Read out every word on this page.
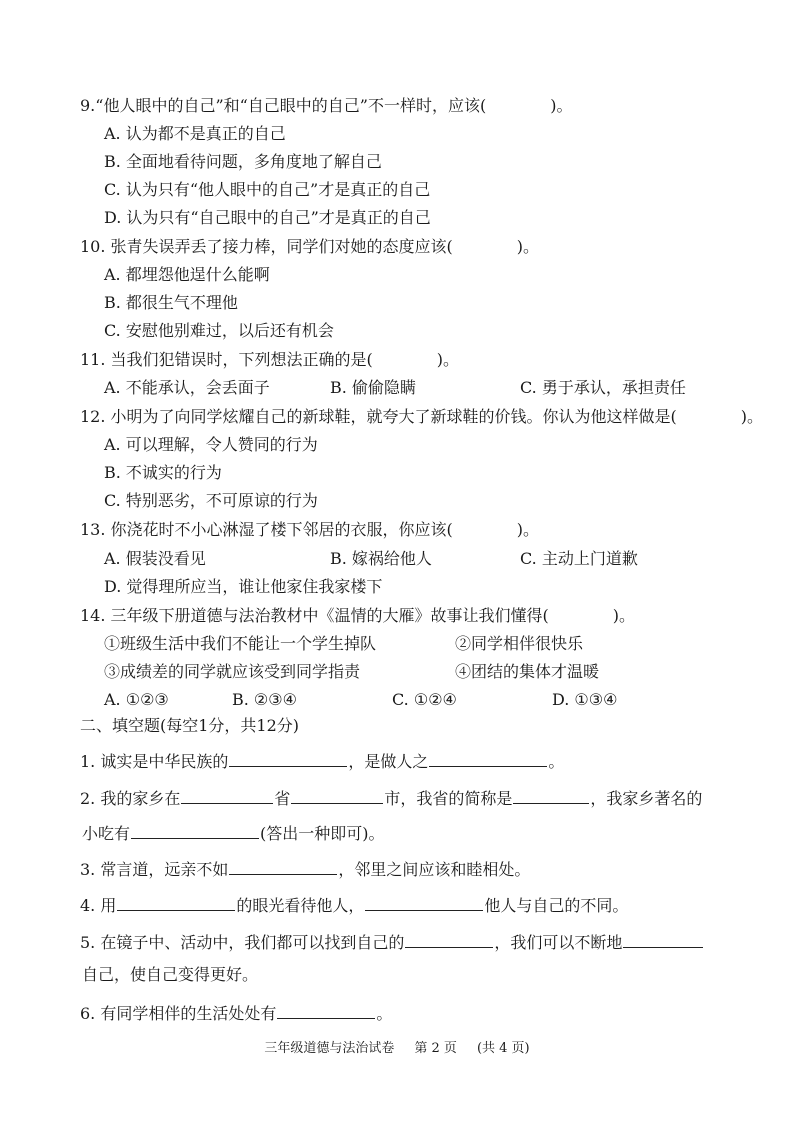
9.“他人眼中的自己”和“自己眼中的自己”不一样时，应该(　　　　)。
A. 认为都不是真正的自己
B. 全面地看待问题，多角度地了解自己
C. 认为只有“他人眼中的自己”才是真正的自己
D. 认为只有“自己眼中的自己”才是真正的自己
10. 张青失误弄丢了接力棒，同学们对她的态度应该(　　　　)。
A. 都埋怨他逞什么能啊
B. 都很生气不理他
C. 安慰他别难过，以后还有机会
11. 当我们犯错误时，下列想法正确的是(　　　　)。
A. 不能承认，会丢面子	B. 偷偷隐瞒	C. 勇于承认，承担责任
12. 小明为了向同学炫耀自己的新球鞋，就夸大了新球鞋的价钱。你认为他这样做是(　　　　)。
A. 可以理解，令人赞同的行为
B. 不诚实的行为
C. 特别恶劣，不可原谅的行为
13. 你浇花时不小心淋湿了楼下邻居的衣服，你应该(　　　　)。
A. 假装没看见	B. 嫁祸给他人	C. 主动上门道歉
D. 觉得理所应当，谁让他家住我家楼下
14. 三年级下册道德与法治教材中《温情的大雁》故事让我们懂得(　　　　)。
①班级生活中我们不能让一个学生掉队	②同学相伴很快乐
③成绩差的同学就应该受到同学指责	④团结的集体才温暖
A. ①②③	B. ②③④	C. ①②④	D. ①③④
二、填空题(每空1分，共12分)
1. 诚实是中华民族的	，是做人之	。
2. 我的家乡在	省	市，我省的简称是	，我家乡著名的
小吃有	(答出一种即可)。
3. 常言道，远亲不如	，邻里之间应该和睦相处。
4. 用	的眼光看待他人，	他人与自己的不同。
5. 在镜子中、活动中，我们都可以找到自己的	，我们可以不断地
自己，使自己变得更好。
6. 有同学相伴的生活处处有	。
三年级道德与法治试卷 第 2 页 (共 4 页)
